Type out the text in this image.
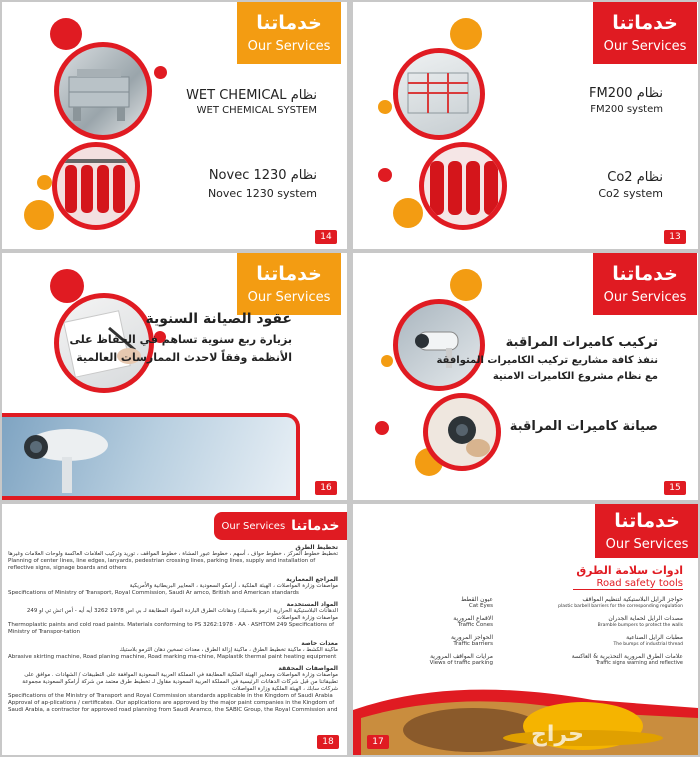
خدماتنا
Our Services
نظام WET CHEMICAL
WET CHEMICAL SYSTEM
نظام Novec 1230
Novec 1230 system
14
خدماتنا
Our Services
نظام FM200
FM200 system
نظام Co2
Co2 system
13
خدماتنا
Our Services
عقود الصيانة السنوية
بزيارة ربع سنوية تساهم في الحفاظ على
الأنظمة وفقاً لاحدث الممارسات العالمية
16
خدماتنا
Our Services
تركيب كاميرات المراقبة
ننفذ كافة مشاريع تركيب الكاميرات المتوافقة
مع نظام مشروع الكاميرات الامنية
صيانة كاميرات المراقبة
15
Our Services خدماتنا
تخطيط الطرق
تخطيط خطوط المركز ، خطوط حواف ، أسهم ، خطوط عبور المشاة ، خطوط المواقف ، توريد وتركيب العلامات العاكسة ولوحات العلامات وغيرها
Planning of center lines, line edges, lanyards, pedestrian crossing lines, parking lines, supply and installation of reflective signs, signage boards and others
المراجع المعمارية
مواصفات وزارة المواصلات ، الهيئة الملكية ، أرامكو السعودية ، المعايير البريطانية والأمريكية
Specifications of Ministry of Transport, Royal Commission, Saudi Ar amco, British and American standards
المواد المستخدمة
الدهانات البلاستيكية الحرارية (ثرمو بلاستيك) ودهانات الطرق الباردة المواد المطابقة لـ بي اس 1978 3262 أيه أيه - أس اتش تي او 249 مواصفات وزارة المواصلات
Thermoplastic paints and cold road paints. Materials conforming to PS 3262:1978 · AA · ASHTOM 249 Specifications of Ministry of Transpor-tation
معدات خاصة
ماكينة الكشط ، ماكينة تخطيط الطرق ، ماكينة إزالة الطرق ، معدات تسخين دهان الثرمو بلاستيك
Abrasive skirting machine, Road planing machine, Road marking ma-chine, Maplastik thermal paint heating equipment
المواصفات المحققة
مواصفات وزارة المواصلات ومعايير الهيئة الملكية المطابقة في المملكة العربية السعودية الموافقة على التطبيقات / الشهادات . موافق على تطبيقاتنا من قبل شركات الدهانات الرئيسية في المملكة العربية السعودية مقاول لـ تخطيط طرق معتمد من شركة أرامكو السعودية مجموعة شركات سابك ، الهيئة الملكية وزارة المواصلات
Specifications of the Ministry of Transport and Royal Commission standards applicable in the Kingdom of Saudi Arabia Approval of ap-plications / certificates. Our applications are approved by the major paint companies in the Kingdom of Saudi Arabia, a contractor for approved road planning from Saudi Aramco, the SABIC Group, the Royal Commission and
18
خدماتنا
Our Services
ادوات سلامة الطرق
Road safety tools
عيون القطط
Cat Eyes
الاقماع المرورية
Traffic Cones
الحواجز المرورية
Traffic barriers
مرايات المواقف المرورية
Views of traffic parking
حواجز الرايل البلاستيكية لتنظيم المواقف
plastic barbell barriers for the corresponding regulation
مصدات الرايل لحماية الجدران
Bramble bumpers to protect the walls
مطبات الرايل الصناعية
The bumps of industrial thread
علامات الطرق المرورية التحذيرية & العاكسة
Traffic signs warning and reflective
حراج
17
